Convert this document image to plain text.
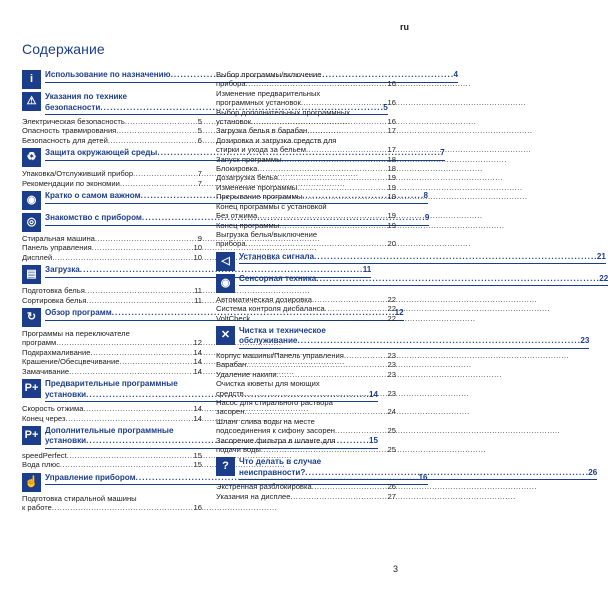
ru
Содержание
i	Использование по назначению . . .	4
⚠	Указания по технике
безопасности . . .	5
Электрическая безопасность . . .	5
Опасность травмирования . . .	5
Безопасность для детей . . .	6
♻	Защита окружающей среды . . .	7
Упаковка/Отслуживший прибор . . .	7
Рекомендации по экономии . . .	7
◉	Кратко о самом важном . . .	8
◎	Знакомство с прибором . . .	9
Стиральная машина . . .	9
Панель управления . . .	10
Дисплей . . .	10
▤	Загрузка . . .	11
Подготовка белья . . .	11
Сортировка белья . . .	11
↻	Обзор программ . . .	12
Программы на переключателе
программ . . .	12
Подкрахмаливание . . .	14
Крашение/Обесцвечивание . . .	14
Замачивание . . .	14
P+ Предварительные программные
установки . . .	14
Скорость отжима . . .	14
Конец через . . .	14
P+ Дополнительные программные
установки . . .	15
speedPerfect . . .	15
Вода плюс . . .	15
☝ Управление прибором . . .	16
Подготовка стиральной машины
к работе . . .	16
Выбор программы/включение
прибора . . .	16
Изменение предварительных
программных установок . . .	16
Выбор дополнительных программных
установок . . .	16
Загрузка белья в барабан . . .	17
Дозировка и загрузка средств для
стирки и ухода за бельем . . .	17
Запуск программы . . .	18
Блокировка . . .	18
Дозагрузка белья . . .	19
Изменение программы . . .	19
Прерывание программы . . .	19
Конец программы с установкой
Без отжима . . .	19
Конец программы . . .	19
Выгрузка белья/выключение
прибора . . .	20
◁	Установка сигнала . . .	21
◉	Сенсорная техника . . .	22
Автоматическая дозировка . . .	22
Система контроля дисбаланса . . .	22
VoltCheck . . .	22
✕	Чистка и техническое
обслуживание . . .	23
Корпус машины/Панель управления . . .	23
Барабан . . .	23
Удаление накипи . . .	23
Очистка кюветы для моющих
средств . . .	23
Насос для стирального раствора
засорен . . .	24
Шланг слива воды на месте
подсоединения к сифону засорен . . .	25
Засорение фильтра в шланге для
подачи воды . . .	25
?	Что делать в случае
неисправности? . . .	26
Экстренная разблокировка . . .	26
Указания на дисплее . . .	27
3
